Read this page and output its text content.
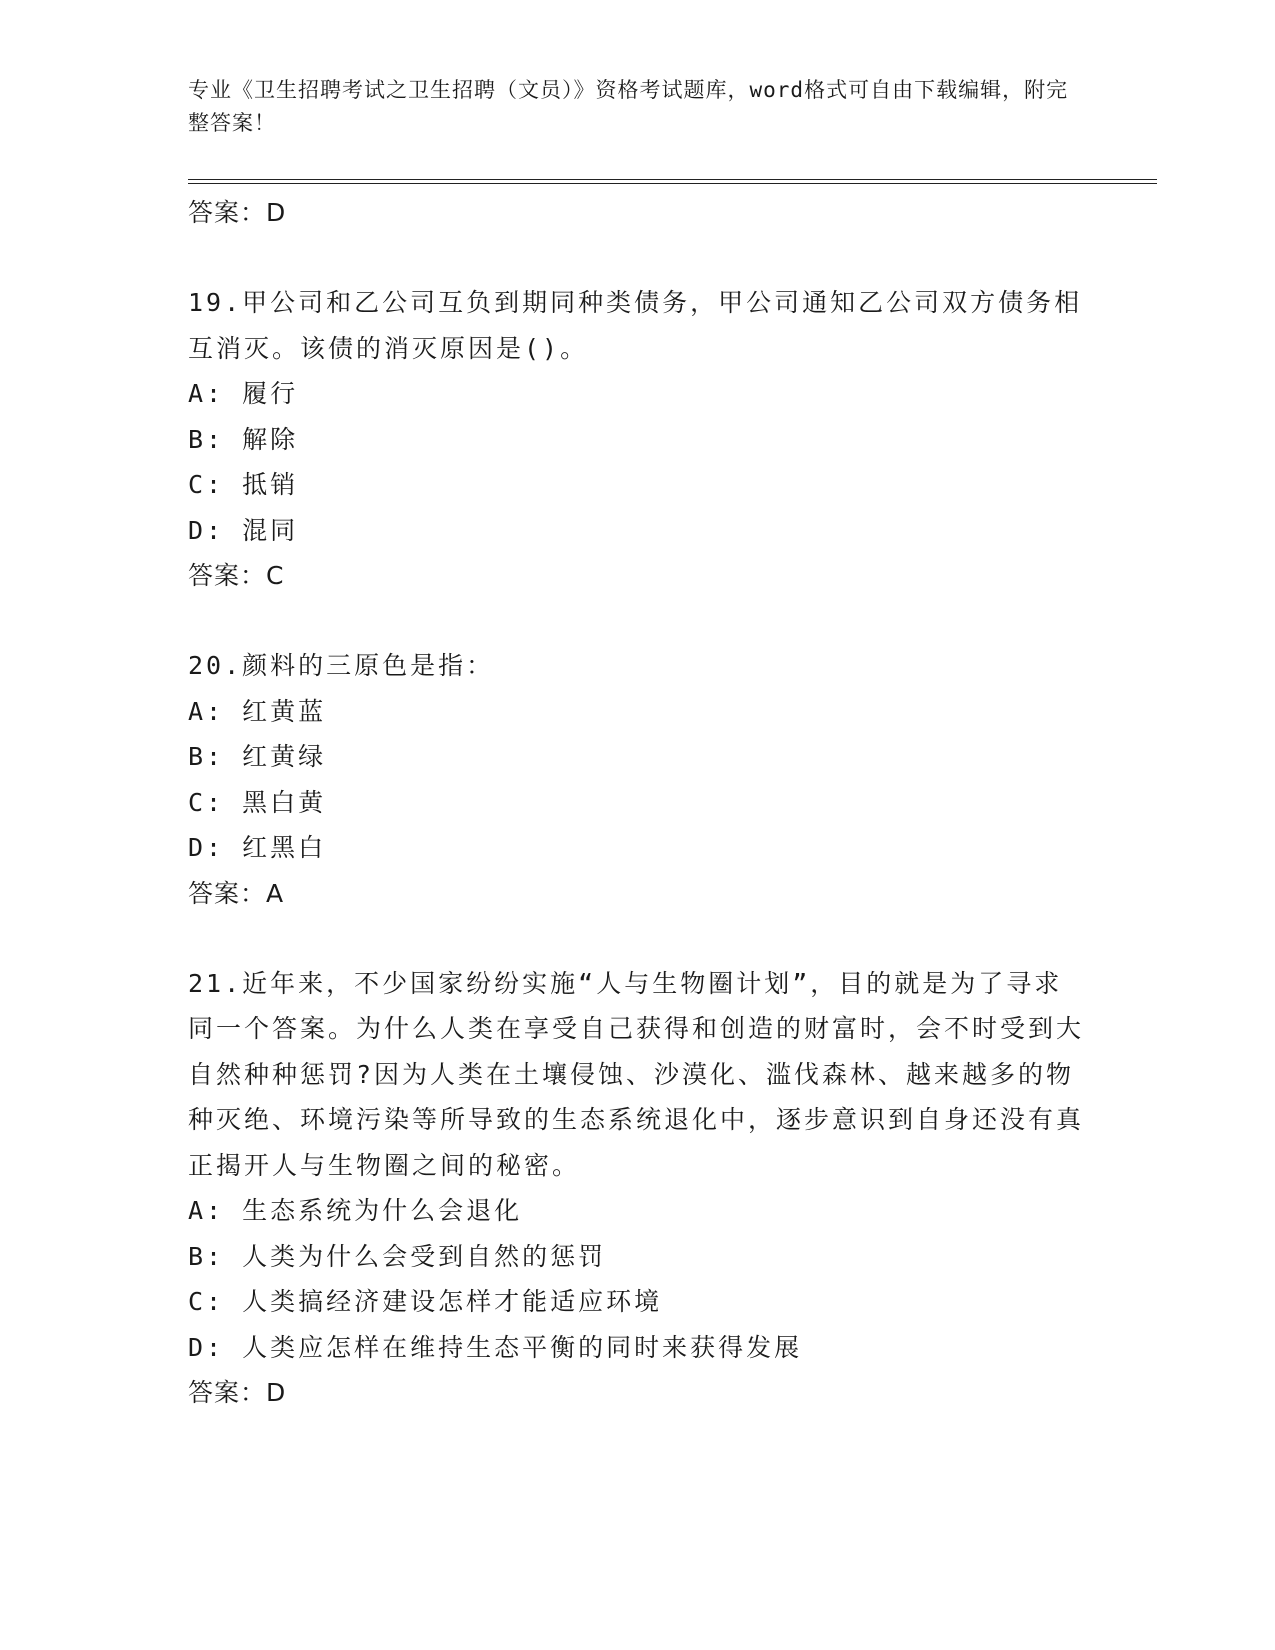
专业《卫生招聘考试之卫生招聘（文员）》资格考试题库，word格式可自由下载编辑，附完整答案！
答案：D
19.甲公司和乙公司互负到期同种类债务，甲公司通知乙公司双方债务相互消灭。该债的消灭原因是()。
A: 履行
B: 解除
C: 抵销
D: 混同
答案：C
20.颜料的三原色是指：
A: 红黄蓝
B: 红黄绿
C: 黑白黄
D: 红黑白
答案：A
21.近年来，不少国家纷纷实施“人与生物圈计划”，目的就是为了寻求同一个答案。为什么人类在享受自己获得和创造的财富时，会不时受到大自然种种惩罚?因为人类在土壤侵蚀、沙漠化、滥伐森林、越来越多的物种灭绝、环境污染等所导致的生态系统退化中，逐步意识到自身还没有真正揭开人与生物圈之间的秘密。
A: 生态系统为什么会退化
B: 人类为什么会受到自然的惩罚
C: 人类搞经济建设怎样才能适应环境
D: 人类应怎样在维持生态平衡的同时来获得发展
答案：D
